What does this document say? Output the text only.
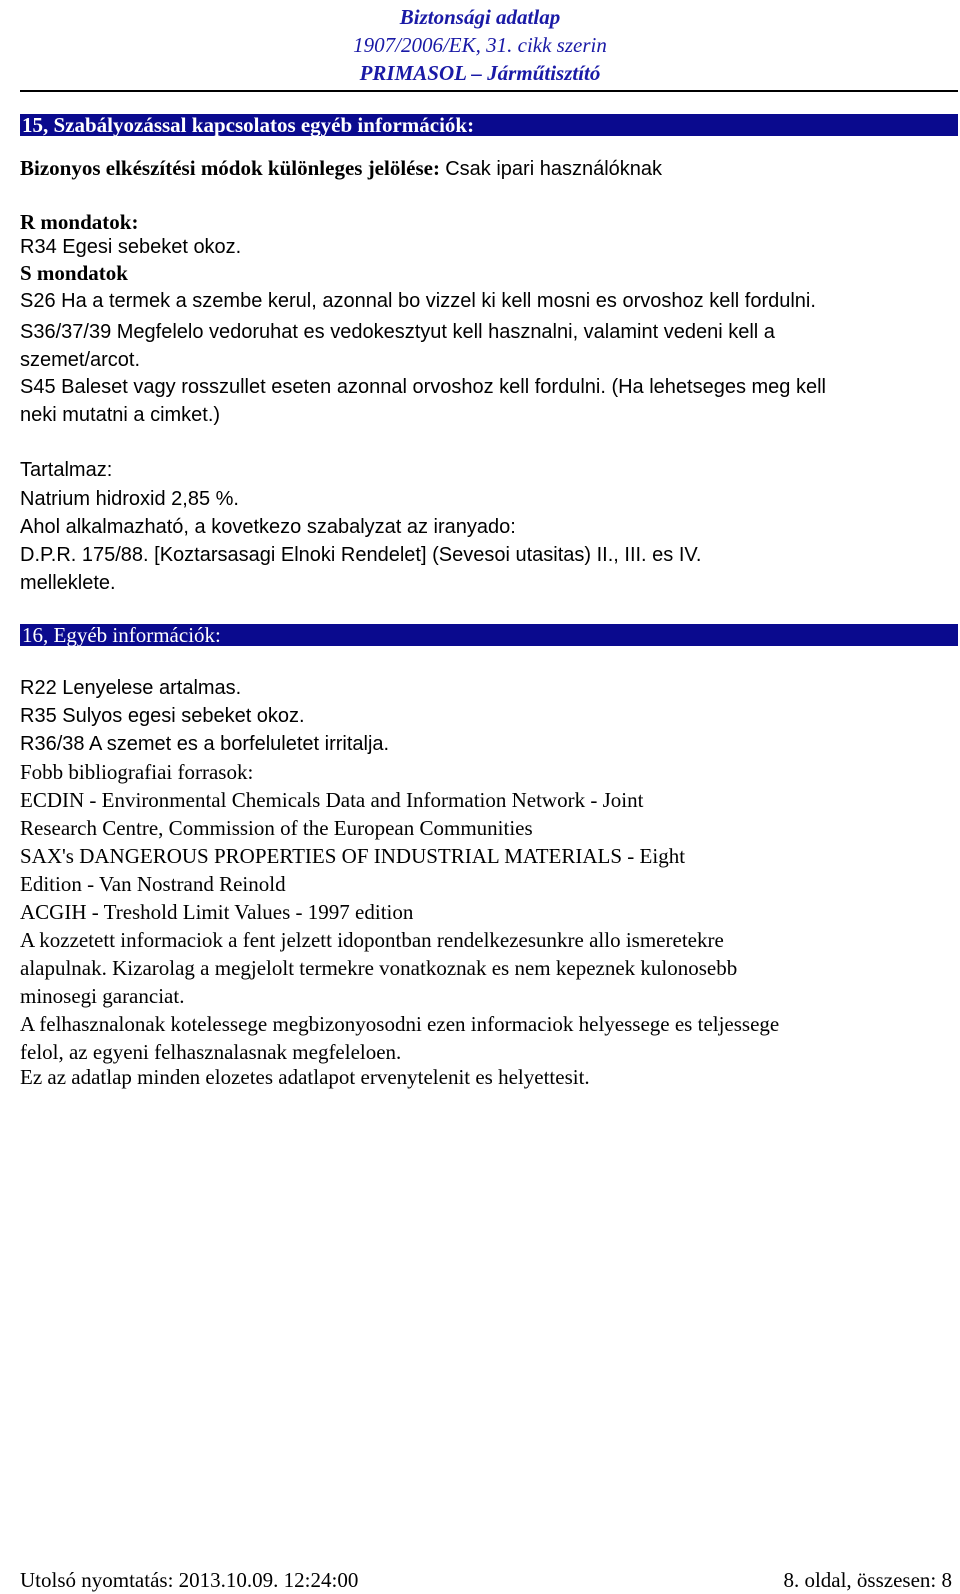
Biztonsági adatlap
1907/2006/EK, 31. cikk szerin
PRIMASOL – Járműtisztító
15, Szabályozással kapcsolatos egyéb információk:
Bizonyos elkészítési módok különleges jelölése: Csak ipari használóknak
R mondatok:
R34 Egesi sebeket okoz.
S mondatok
S26 Ha a termek a szembe kerul, azonnal bo vizzel ki kell mosni es orvoshoz kell fordulni.
S36/37/39 Megfelelo vedoruhat es vedokesztyut kell hasznalni, valamint vedeni kell a
szemet/arcot.
S45 Baleset vagy rosszullet eseten azonnal orvoshoz kell fordulni. (Ha lehetseges meg kell
neki mutatni a cimket.)
Tartalmaz:
Natrium hidroxid 2,85 %.
Ahol alkalmazható, a kovetkezo szabalyzat az iranyado:
D.P.R. 175/88. [Koztarsasagi Elnoki Rendelet] (Sevesoi utasitas) II., III. es IV.
melleklete.
16, Egyéb információk:
R22 Lenyelese artalmas.
R35 Sulyos egesi sebeket okoz.
R36/38 A szemet es a borfeluletet irritalja.
Fobb bibliografiai forrasok:
ECDIN - Environmental Chemicals Data and Information Network - Joint
Research Centre, Commission of the European Communities
SAX's DANGEROUS PROPERTIES OF INDUSTRIAL MATERIALS - Eight
Edition - Van Nostrand Reinold
ACGIH - Treshold Limit Values - 1997 edition
A kozzetett informaciok a fent jelzett idopontban rendelkezesunkre allo ismeretekre
alapulnak. Kizarolag a megjelolt termekre vonatkoznak es nem kepeznek kulonosebb
minosegi garanciat.
A felhasznalonak kotelessege megbizonyosodni ezen informaciok helyessege es teljessege
felol, az egyeni felhasznalasnak megfeleloen.
Ez az adatlap minden elozetes adatlapot ervenytelenit es helyettesit.
Utolsó nyomtatás: 2013.10.09. 12:24:00	8. oldal, összesen: 8
